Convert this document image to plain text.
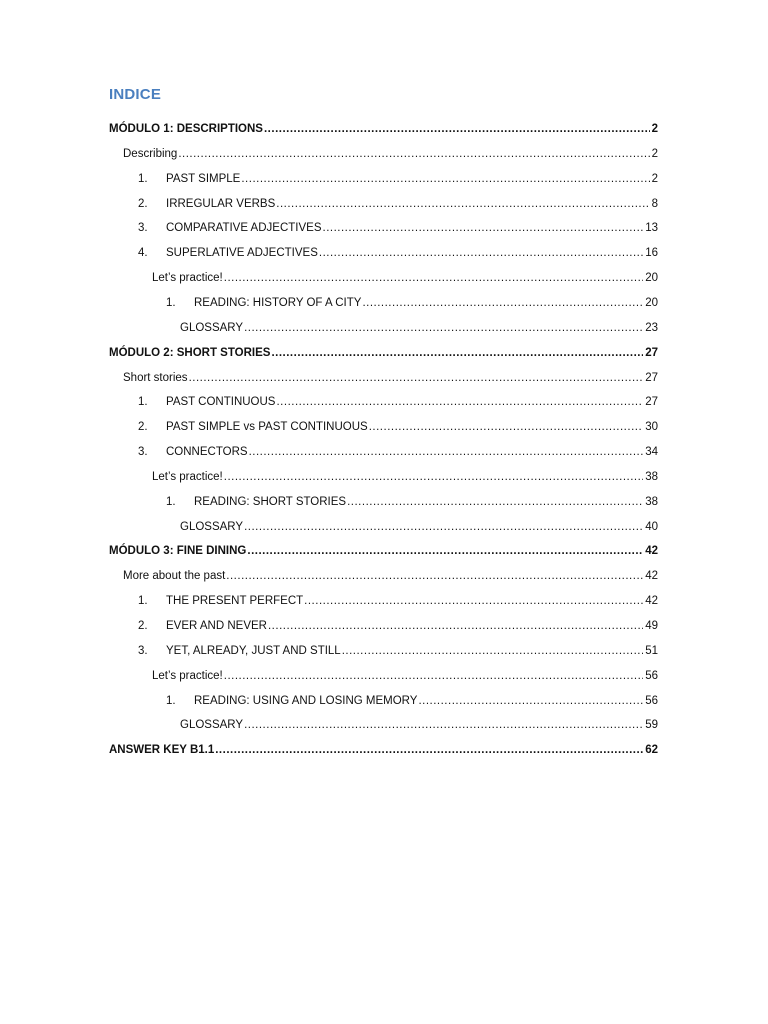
INDICE
MÓDULO 1: DESCRIPTIONS .....	2
Describing .....	2
1.	PAST SIMPLE .....	2
2.	IRREGULAR VERBS .....	8
3.	COMPARATIVE ADJECTIVES .....	13
4.	SUPERLATIVE ADJECTIVES .....	16
Let’s practice! .....	20
1.	READING: HISTORY OF A CITY .....	20
GLOSSARY .....	23
MÓDULO 2: SHORT STORIES .....	27
Short stories .....	27
1.	PAST CONTINUOUS .....	27
2.	PAST SIMPLE vs PAST CONTINUOUS .....	30
3.	CONNECTORS .....	34
Let’s practice! .....	38
1.	READING: SHORT STORIES .....	38
GLOSSARY .....	40
MÓDULO 3: FINE DINING .....	42
More about the past .....	42
1.	THE PRESENT PERFECT .....	42
2.	EVER AND NEVER .....	49
3.	YET, ALREADY, JUST AND STILL .....	51
Let’s practice! .....	56
1.	READING: USING AND LOSING MEMORY .....	56
GLOSSARY .....	59
ANSWER KEY B1.1 .....	62
